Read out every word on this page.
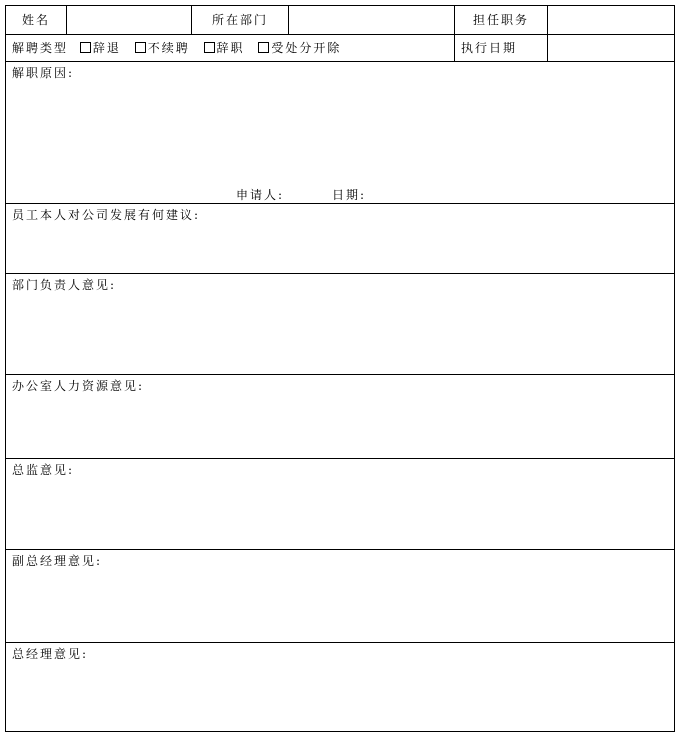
姓名	所在部门	担任职务
解聘类型 辞退 不续聘 辞职 受处分开除	执行日期
解职原因:
申请人:	日期:
员工本人对公司发展有何建议:
部门负责人意见:
办公室人力资源意见:
总监意见:
副总经理意见:
总经理意见:
